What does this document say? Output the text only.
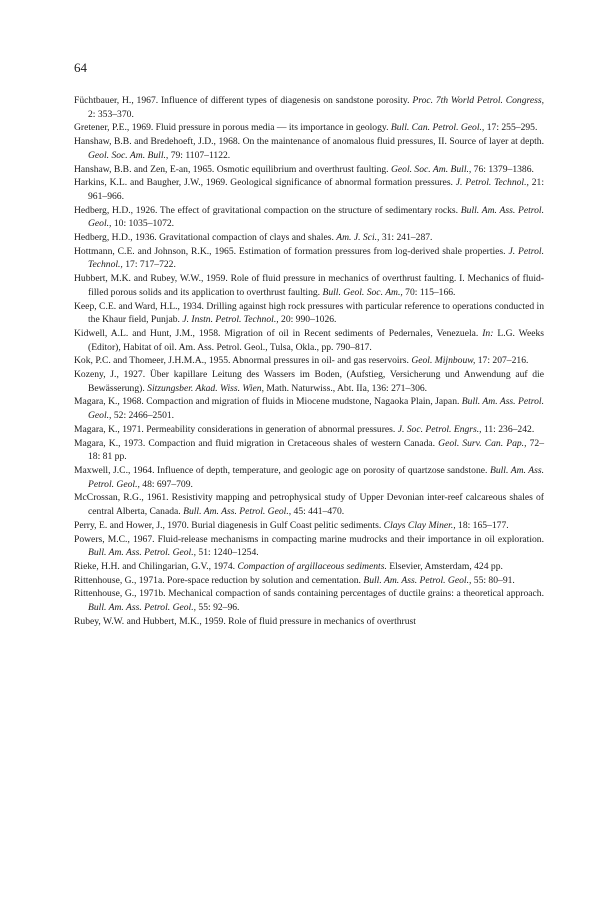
64
Füchtbauer, H., 1967. Influence of different types of diagenesis on sandstone porosity. Proc. 7th World Petrol. Congress, 2: 353–370.
Gretener, P.E., 1969. Fluid pressure in porous media — its importance in geology. Bull. Can. Petrol. Geol., 17: 255–295.
Hanshaw, B.B. and Bredehoeft, J.D., 1968. On the maintenance of anomalous fluid pressures, II. Source of layer at depth. Geol. Soc. Am. Bull., 79: 1107–1122.
Hanshaw, B.B. and Zen, E-an, 1965. Osmotic equilibrium and overthrust faulting. Geol. Soc. Am. Bull., 76: 1379–1386.
Harkins, K.L. and Baugher, J.W., 1969. Geological significance of abnormal formation pressures. J. Petrol. Technol., 21: 961–966.
Hedberg, H.D., 1926. The effect of gravitational compaction on the structure of sedimentary rocks. Bull. Am. Ass. Petrol. Geol., 10: 1035–1072.
Hedberg, H.D., 1936. Gravitational compaction of clays and shales. Am. J. Sci., 31: 241–287.
Hottmann, C.E. and Johnson, R.K., 1965. Estimation of formation pressures from log-derived shale properties. J. Petrol. Technol., 17: 717–722.
Hubbert, M.K. and Rubey, W.W., 1959. Role of fluid pressure in mechanics of overthrust faulting. I. Mechanics of fluid-filled porous solids and its application to overthrust faulting. Bull. Geol. Soc. Am., 70: 115–166.
Keep, C.E. and Ward, H.L., 1934. Drilling against high rock pressures with particular reference to operations conducted in the Khaur field, Punjab. J. Instn. Petrol. Technol., 20: 990–1026.
Kidwell, A.L. and Hunt, J.M., 1958. Migration of oil in Recent sediments of Pedernales, Venezuela. In: L.G. Weeks (Editor), Habitat of oil. Am. Ass. Petrol. Geol., Tulsa, Okla., pp. 790–817.
Kok, P.C. and Thomeer, J.H.M.A., 1955. Abnormal pressures in oil- and gas reservoirs. Geol. Mijnbouw, 17: 207–216.
Kozeny, J., 1927. Über kapillare Leitung des Wassers im Boden, (Aufstieg, Versicherung und Anwendung auf die Bewässerung). Sitzungsber. Akad. Wiss. Wien, Math. Naturwiss., Abt. IIa, 136: 271–306.
Magara, K., 1968. Compaction and migration of fluids in Miocene mudstone, Nagaoka Plain, Japan. Bull. Am. Ass. Petrol. Geol., 52: 2466–2501.
Magara, K., 1971. Permeability considerations in generation of abnormal pressures. J. Soc. Petrol. Engrs., 11: 236–242.
Magara, K., 1973. Compaction and fluid migration in Cretaceous shales of western Canada. Geol. Surv. Can. Pap., 72–18: 81 pp.
Maxwell, J.C., 1964. Influence of depth, temperature, and geologic age on porosity of quartzose sandstone. Bull. Am. Ass. Petrol. Geol., 48: 697–709.
McCrossan, R.G., 1961. Resistivity mapping and petrophysical study of Upper Devonian inter-reef calcareous shales of central Alberta, Canada. Bull. Am. Ass. Petrol. Geol., 45: 441–470.
Perry, E. and Hower, J., 1970. Burial diagenesis in Gulf Coast pelitic sediments. Clays Clay Miner., 18: 165–177.
Powers, M.C., 1967. Fluid-release mechanisms in compacting marine mudrocks and their importance in oil exploration. Bull. Am. Ass. Petrol. Geol., 51: 1240–1254.
Rieke, H.H. and Chilingarian, G.V., 1974. Compaction of argillaceous sediments. Elsevier, Amsterdam, 424 pp.
Rittenhouse, G., 1971a. Pore-space reduction by solution and cementation. Bull. Am. Ass. Petrol. Geol., 55: 80–91.
Rittenhouse, G., 1971b. Mechanical compaction of sands containing percentages of ductile grains: a theoretical approach. Bull. Am. Ass. Petrol. Geol., 55: 92–96.
Rubey, W.W. and Hubbert, M.K., 1959. Role of fluid pressure in mechanics of overthrust
